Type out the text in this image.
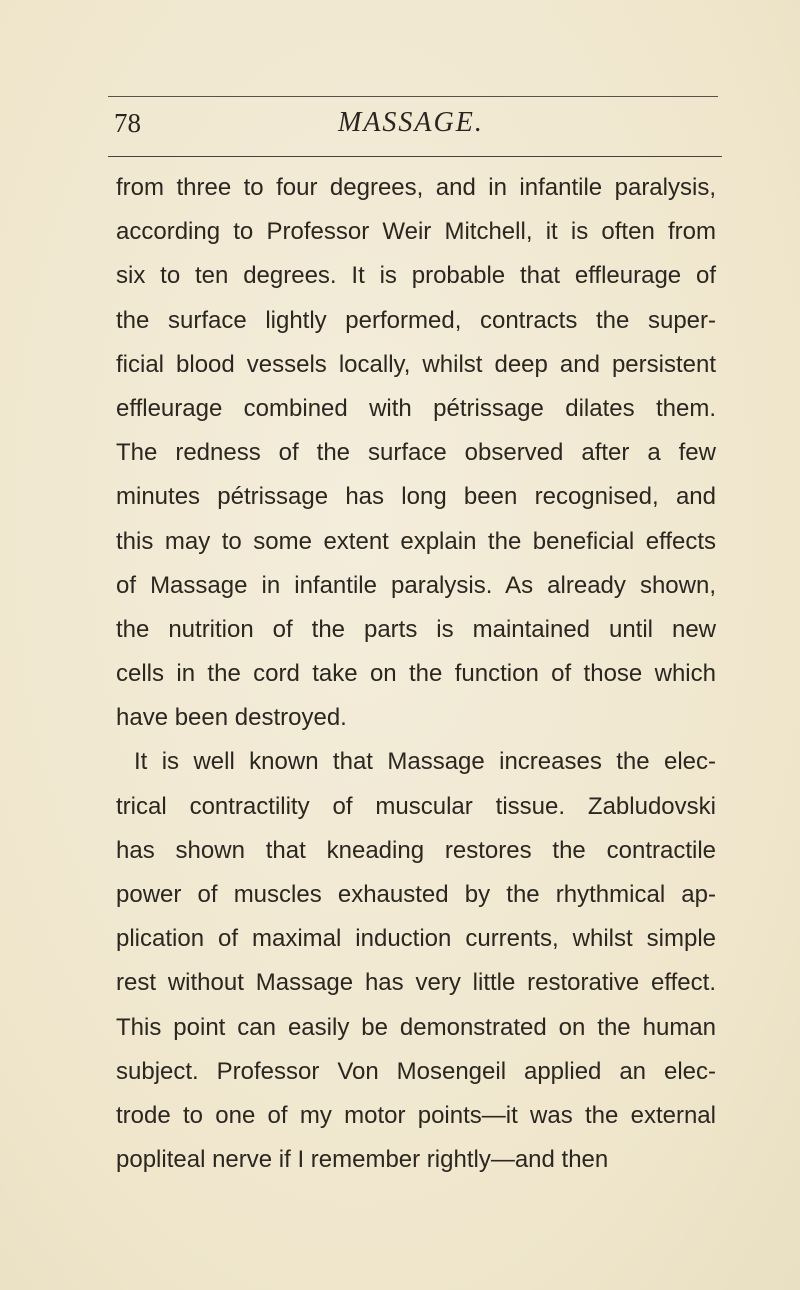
78	MASSAGE.
from three to four degrees, and in infantile paralysis,
according to Professor Weir Mitchell, it is often from
six to ten degrees. It is probable that effleurage of
the surface lightly performed, contracts the super-
ficial blood vessels locally, whilst deep and persistent
effleurage combined with pétrissage dilates them.
The redness of the surface observed after a few
minutes pétrissage has long been recognised, and
this may to some extent explain the beneficial effects
of Massage in infantile paralysis. As already shown,
the nutrition of the parts is maintained until new
cells in the cord take on the function of those which
have been destroyed.
It is well known that Massage increases the elec-
trical contractility of muscular tissue. Zabludovski
has shown that kneading restores the contractile
power of muscles exhausted by the rhythmical ap-
plication of maximal induction currents, whilst simple
rest without Massage has very little restorative effect.
This point can easily be demonstrated on the human
subject. Professor Von Mosengeil applied an elec-
trode to one of my motor points—it was the external
popliteal nerve if I remember rightly—and then
